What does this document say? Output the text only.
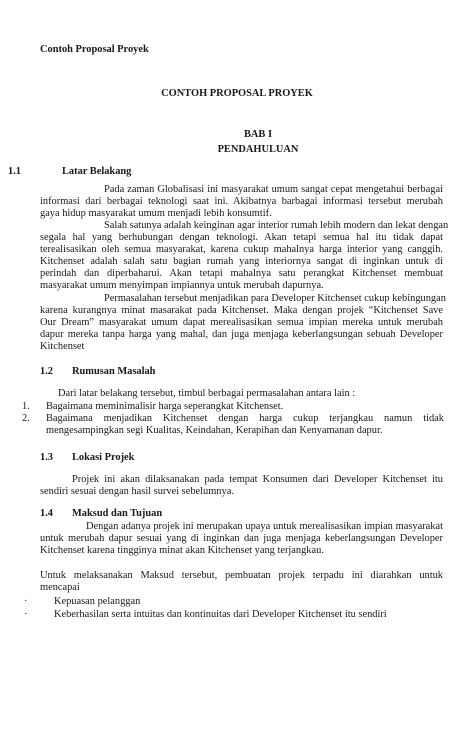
Contoh Proposal Proyek
CONTOH PROPOSAL PROYEK
BAB I
PENDAHULUAN
1.1	Latar Belakang
Pada zaman Globalisasi ini masyarakat umum sangat cepat mengetahui berbagai
informasi dari berbagai teknologi saat ini. Akibatnya barbagai informasi tersebut merubah
gaya hidup masyarakat umum menjadi lebih konsumtif.
Salah satunya adalah keinginan agar interior rumah lebih modern dan lekat dengan
segala hal yang berhubungan dengan teknologi. Akan tetapi semua hal itu tidak dapat
terealisasikan oleh semua masyarakat, karena cukup mahalnya harga interior yang canggih.
Kitchenset adalah salah satu bagian rumah yang interiornya sangat di inginkan untuk di
perindah dan diperbaharui. Akan tetapi mahalnya satu perangkat Kitchenset membuat
masyarakat umum menyimpan impiannya untuk merubah dapurnya.
Permasalahan tersebut menjadikan para Developer Kitchenset cukup kebingungan
karena kurangnya minat masarakat pada Kitchenset. Maka dengan projek “Kitchenset Save
Our Dream” masyarakat umum dapat merealisasikan semua impian mereka untuk merubah
dapur mereka tanpa harga yang mahal, dan juga menjaga keberlangsungan sebuah Developer
Kitchenset
1.2 Rumusan Masalah
Dari latar belakang tersebut, timbul berbagai permasalahan antara lain :
1. Bagaimana meminimalisir harga seperangkat Kitchenset.
2. Bagaimana menjadikan Kitchenset dengan harga cukup terjangkau namun tidak
mengesampingkan segi Kualitas, Keindahan, Kerapihan dan Kenyamanan dapur.
1.3 Lokasi Projek
Projek ini akan dilaksanakan pada tempat Konsumen dari Developer Kitchenset itu
sendiri sesuai dengan hasil survei sebelumnya.
1.4 Maksud dan Tujuan
Dengan adanya projek ini merupakan upaya untuk merealisasikan impian masyarakat
untuk merubah dapur sesuai yang di inginkan dan juga menjaga keberlangsungan Developer
Kitchenset karena tingginya minat akan Kitchenset yang terjangkau.
Untuk melaksanakan Maksud tersebut, pembuatan projek terpadu ini diarahkan untuk
mencapai
·	Kepuasan pelanggan
·	Keberhasilan serta intuitas dan kontinuitas dari Developer Kitchenset itu sendiri
